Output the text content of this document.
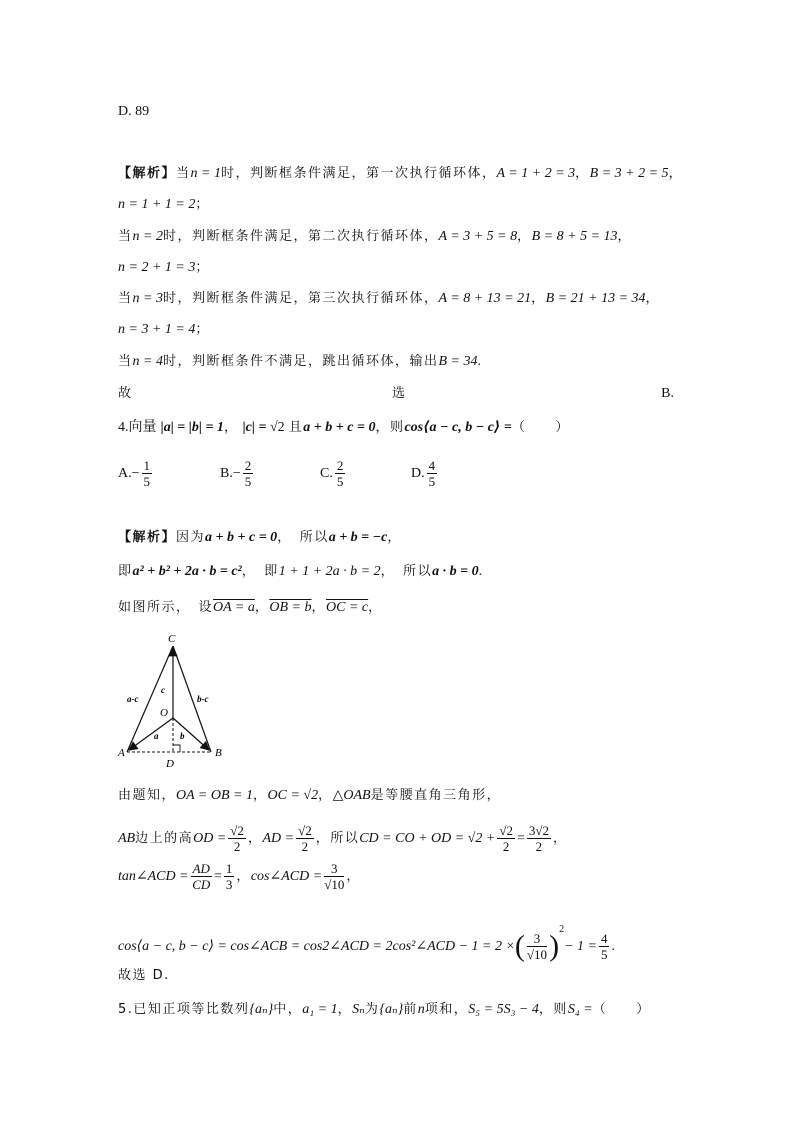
D. 89
【解析】当n = 1时，判断框条件满足，第一次执行循环体，A = 1 + 2 = 3，B = 3 + 2 = 5，
n = 1 + 1 = 2；
当n = 2时，判断框条件满足，第二次执行循环体，A = 3 + 5 = 8，B = 8 + 5 = 13，
n = 2 + 1 = 3；
当n = 3时，判断框条件满足，第三次执行循环体，A = 8 + 13 = 21，B = 21 + 13 = 34，
n = 3 + 1 = 4；
当n = 4时，判断框条件不满足，跳出循环体，输出B = 34.
故	选	B.
4.向量 |a| = |b| = 1， |c| = √2 且a + b + c = 0，则cos⟨a − c, b − c⟩ =（　　）
$A.- \frac{1}{5}$	$B.- \frac{2}{5}$	C. $\frac{2}{5}$	D. $\frac{4}{5}$
【解析】因为a + b + c = 0，　所以a + b = −c，
即a² + b² + 2a · b = c²，　即1 + 1 + 2a · b = 2，　所以a · b = 0.
如图所示，　设OA = a，OB = b，OC = c，
C
O
A	B
D
a-c	b-c
c
a b
由题知，OA = OB = 1，OC = √2，△OAB是等腰直角三角形，
AB边上的高OD = $\frac{√2}{2}$ ，AD = $\frac{√2}{2}$ ，所以CD = CO + OD = $√2 + \frac{√2}{2} = \frac{3√2}{2}$ ，
tan∠ACD = $\frac{AD}{CD} = \frac{1}{3}$ ，cos∠ACD = $\frac{3}{√10}$ ，
cos⟨a − c, b − c⟩ = cos∠ACB = cos2∠ACD = 2cos²∠ACD − 1 = 2 ×( $\frac{3}{√10} )^2- 1 = \frac{4}{5}$ .
故选 D.
5.已知正项等比数列{aₙ}中，a₁ = 1，Sₙ为{aₙ}前n项和，S₅ = 5S₃ − 4，则S₄ =（　　）
